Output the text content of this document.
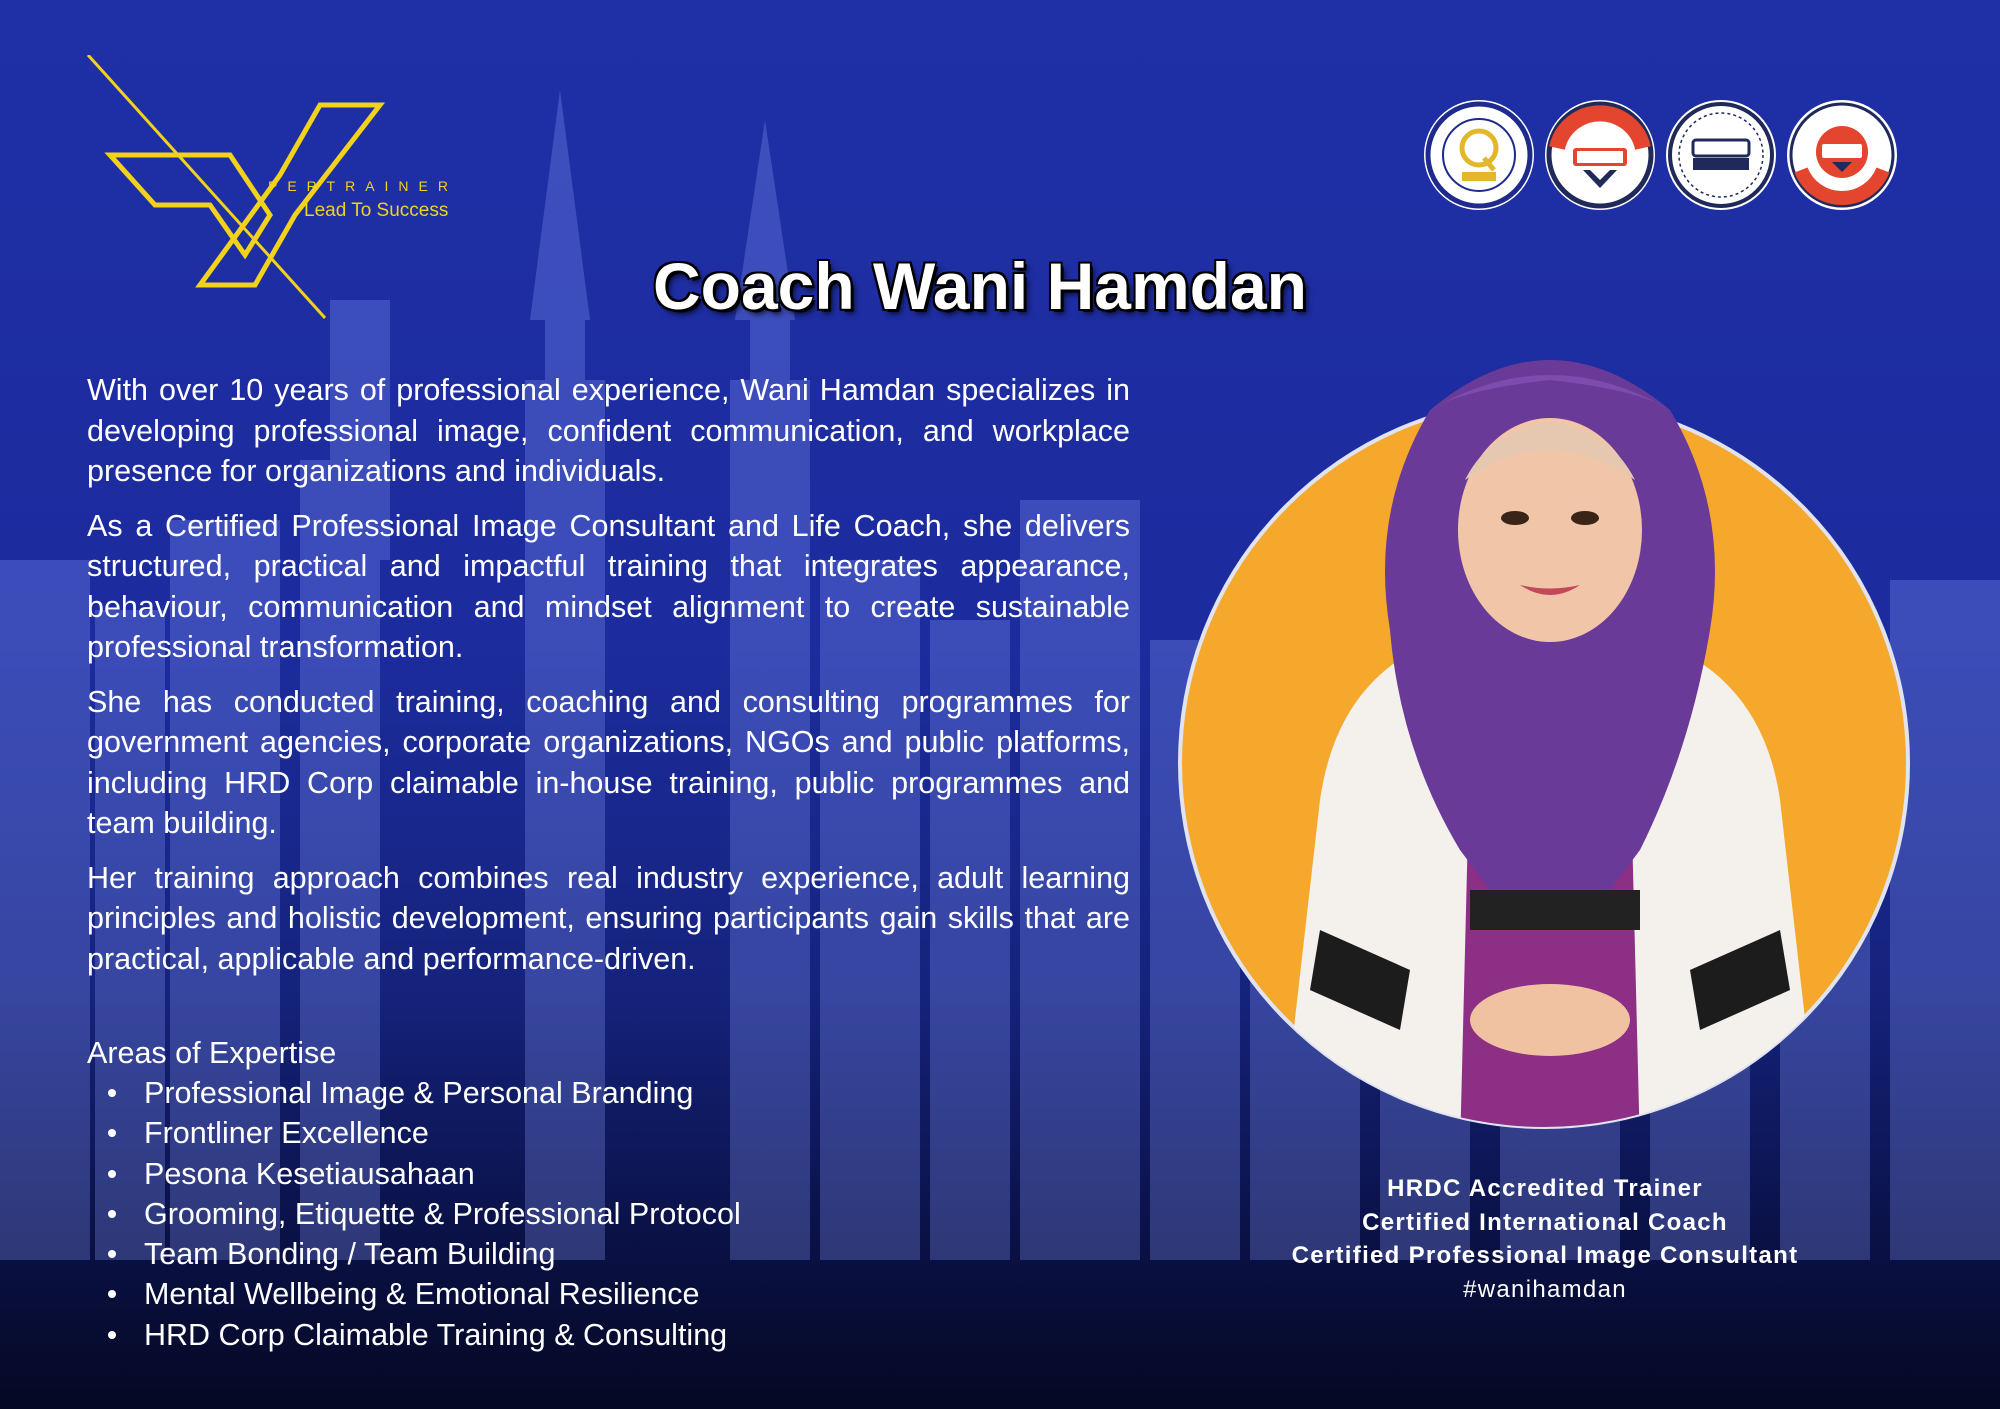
PERTRAINER
Lead To Success
Coach Wani Hamdan

With over 10 years of professional experience, Wani Hamdan specializes in developing professional image, confident communication, and workplace presence for organizations and individuals.

As a Certified Professional Image Consultant and Life Coach, she delivers structured, practical and impactful training that integrates appearance, behaviour, communication and mindset alignment to create sustainable professional transformation.

She has conducted training, coaching and consulting programmes for government agencies, corporate organizations, NGOs and public platforms, including HRD Corp claimable in-house training, public programmes and team building.

Her training approach combines real industry experience, adult learning principles and holistic development, ensuring participants gain skills that are practical, applicable and performance-driven.

Areas of Expertise

Professional Image & Personal Branding
Frontliner Excellence
Pesona Kesetiausahaan
Grooming, Etiquette & Professional Protocol
Team Bonding / Team Building
Mental Wellbeing & Emotional Resilience
HRD Corp Claimable Training & Consulting
HRDC Accredited Trainer
Certified International Coach
Certified Professional Image Consultant
#wanihamdan
